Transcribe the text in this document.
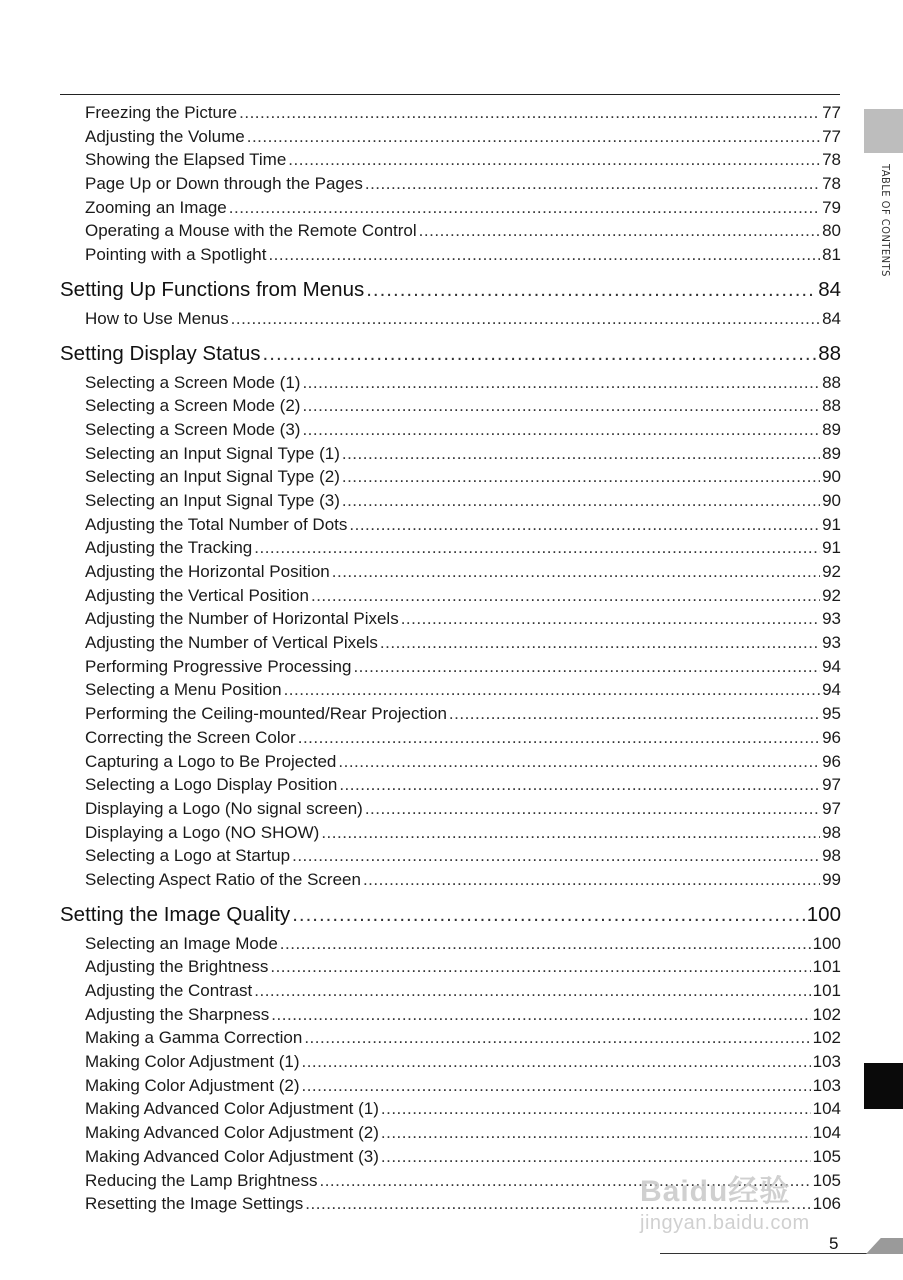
Freezing the Picture .....	77
Adjusting the Volume .....	77
Showing the Elapsed Time .....	78
Page Up or Down through the Pages .....	78
Zooming an Image .....	79
Operating a Mouse with the Remote Control .....	80
Pointing with a Spotlight .....	81
Setting Up Functions from Menus .....	84
How to Use Menus .....	84
Setting Display Status .....	88
Selecting a Screen Mode (1) .....	88
Selecting a Screen Mode (2) .....	88
Selecting a Screen Mode (3) .....	89
Selecting an Input Signal Type (1) .....	89
Selecting an Input Signal Type (2) .....	90
Selecting an Input Signal Type (3) .....	90
Adjusting the Total Number of Dots .....	91
Adjusting the Tracking .....	91
Adjusting the Horizontal Position .....	92
Adjusting the Vertical Position .....	92
Adjusting the Number of Horizontal Pixels .....	93
Adjusting the Number of Vertical Pixels .....	93
Performing Progressive Processing .....	94
Selecting a Menu Position .....	94
Performing the Ceiling-mounted/Rear Projection .....	95
Correcting the Screen Color .....	96
Capturing a Logo to Be Projected .....	96
Selecting a Logo Display Position .....	97
Displaying a Logo (No signal screen) .....	97
Displaying a Logo (NO SHOW) .....	98
Selecting a Logo at Startup .....	98
Selecting Aspect Ratio of the Screen .....	99
Setting the Image Quality .....	100
Selecting an Image Mode .....	100
Adjusting the Brightness .....	101
Adjusting the Contrast .....	101
Adjusting the Sharpness .....	102
Making a Gamma Correction .....	102
Making Color Adjustment (1) .....	103
Making Color Adjustment (2) .....	103
Making Advanced Color Adjustment (1) .....	104
Making Advanced Color Adjustment (2) .....	104
Making Advanced Color Adjustment (3) .....	105
Reducing the Lamp Brightness .....	105
Resetting the Image Settings .....	106
TABLE OF CONTENTS
Baidu经验
jingyan.baidu.com
5
